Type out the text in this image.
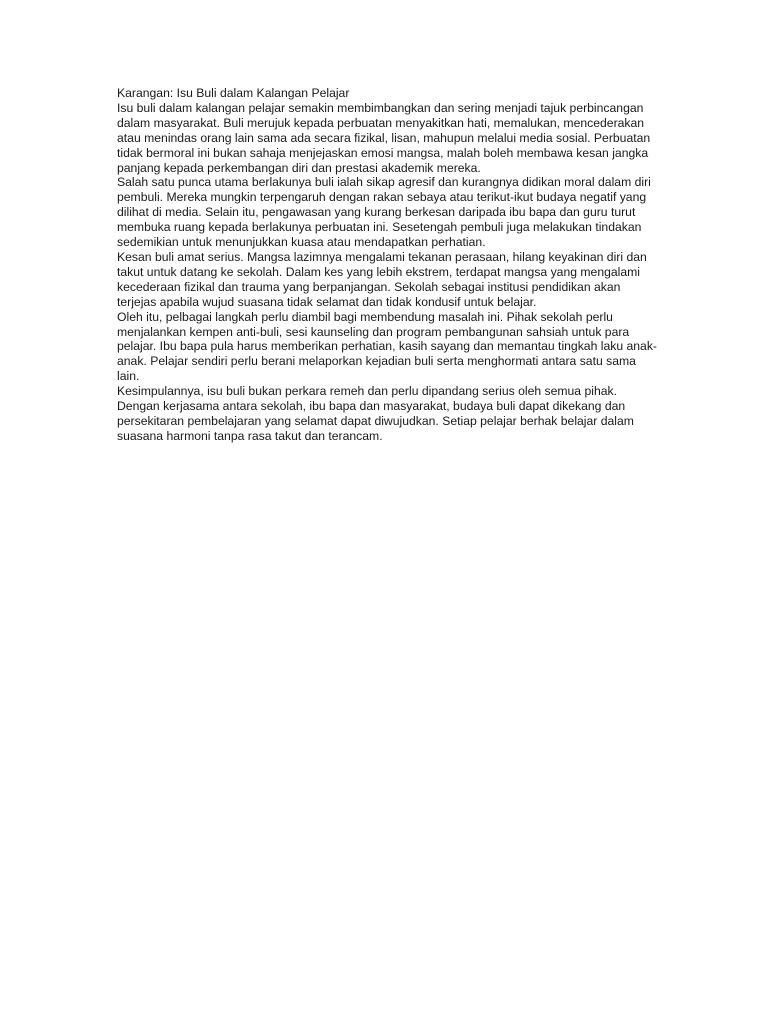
Karangan: Isu Buli dalam Kalangan Pelajar

Isu buli dalam kalangan pelajar semakin membimbangkan dan sering menjadi tajuk perbincangan dalam masyarakat. Buli merujuk kepada perbuatan menyakitkan hati, memalukan, mencederakan atau menindas orang lain sama ada secara fizikal, lisan, mahupun melalui media sosial. Perbuatan tidak bermoral ini bukan sahaja menjejaskan emosi mangsa, malah boleh membawa kesan jangka panjang kepada perkembangan diri dan prestasi akademik mereka.

Salah satu punca utama berlakunya buli ialah sikap agresif dan kurangnya didikan moral dalam diri pembuli. Mereka mungkin terpengaruh dengan rakan sebaya atau terikut-ikut budaya negatif yang dilihat di media. Selain itu, pengawasan yang kurang berkesan daripada ibu bapa dan guru turut membuka ruang kepada berlakunya perbuatan ini. Sesetengah pembuli juga melakukan tindakan sedemikian untuk menunjukkan kuasa atau mendapatkan perhatian.

Kesan buli amat serius. Mangsa lazimnya mengalami tekanan perasaan, hilang keyakinan diri dan takut untuk datang ke sekolah. Dalam kes yang lebih ekstrem, terdapat mangsa yang mengalami kecederaan fizikal dan trauma yang berpanjangan. Sekolah sebagai institusi pendidikan akan terjejas apabila wujud suasana tidak selamat dan tidak kondusif untuk belajar.

Oleh itu, pelbagai langkah perlu diambil bagi membendung masalah ini. Pihak sekolah perlu menjalankan kempen anti-buli, sesi kaunseling dan program pembangunan sahsiah untuk para pelajar. Ibu bapa pula harus memberikan perhatian, kasih sayang dan memantau tingkah laku anak-anak. Pelajar sendiri perlu berani melaporkan kejadian buli serta menghormati antara satu sama lain.

Kesimpulannya, isu buli bukan perkara remeh dan perlu dipandang serius oleh semua pihak. Dengan kerjasama antara sekolah, ibu bapa dan masyarakat, budaya buli dapat dikekang dan persekitaran pembelajaran yang selamat dapat diwujudkan. Setiap pelajar berhak belajar dalam suasana harmoni tanpa rasa takut dan terancam.
